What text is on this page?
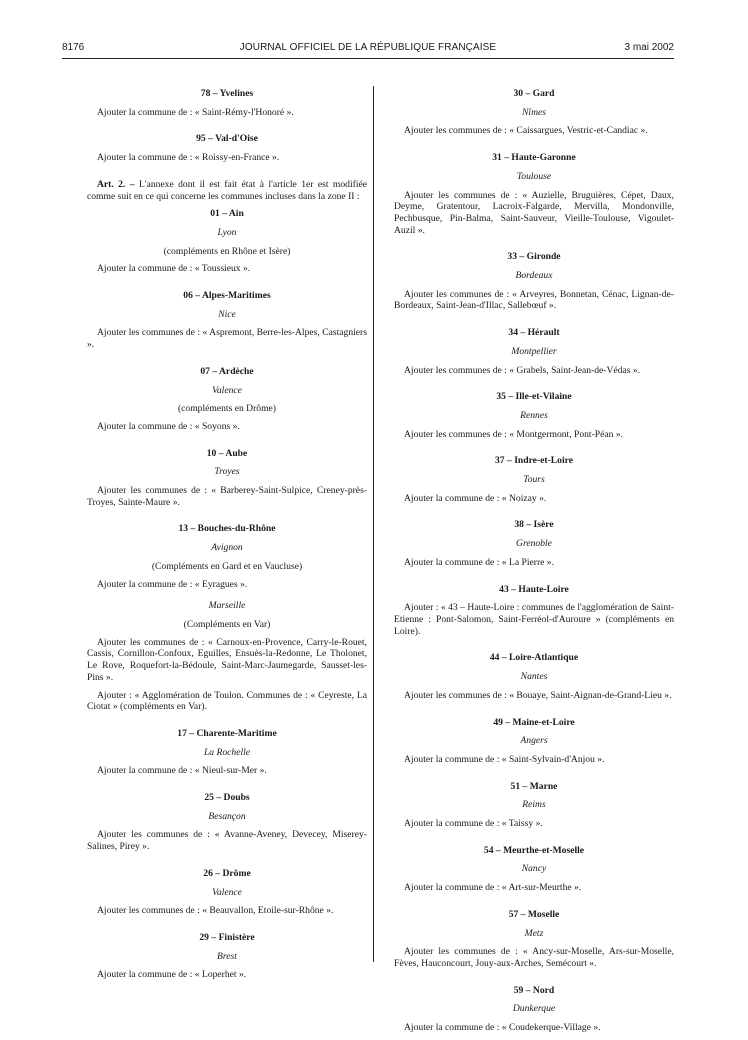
8176	JOURNAL OFFICIEL DE LA RÉPUBLIQUE FRANÇAISE	3 mai 2002

78 – Yvelines

Ajouter la commune de : « Saint-Rémy-l'Honoré ».

95 – Val-d'Oise

Ajouter la commune de : « Roissy-en-France ».

Art. 2. – L'annexe dont il est fait état à l'article 1er est modifiée comme suit en ce qui concerne les communes incluses dans la zone II :

01 – Ain

Lyon

(compléments en Rhône et Isère)

Ajouter la commune de : « Toussieux ».

06 – Alpes-Maritimes

Nice

Ajouter les communes de : « Aspremont, Berre-les-Alpes, Castagniers ».

07 – Ardèche

Valence

(compléments en Drôme)

Ajouter la commune de : « Soyons ».

10 – Aube

Troyes

Ajouter les communes de : « Barberey-Saint-Sulpice, Creney-près-Troyes, Sainte-Maure ».

13 – Bouches-du-Rhône

Avignon

(Compléments en Gard et en Vaucluse)

Ajouter la commune de : « Eyragues ».

Marseille

(Compléments en Var)

Ajouter les communes de : « Carnoux-en-Provence, Carry-le-Rouet, Cassis, Cornillon-Confoux, Eguilles, Ensuès-la-Redonne, Le Tholonet, Le Rove, Roquefort-la-Bédoule, Saint-Marc-Jaumegarde, Sausset-les-Pins ».

Ajouter : « Agglomération de Toulon. Communes de : « Ceyreste, La Ciotat » (compléments en Var).

17 – Charente-Maritime

La Rochelle

Ajouter la commune de : « Nieul-sur-Mer ».

25 – Doubs

Besançon

Ajouter les communes de : « Avanne-Aveney, Devecey, Miserey-Salines, Pirey ».

26 – Drôme

Valence

Ajouter les communes de : « Beauvallon, Etoile-sur-Rhône ».

29 – Finistère

Brest

Ajouter la commune de : « Loperhet ».

30 – Gard

Nîmes

Ajouter les communes de : « Caissargues, Vestric-et-Candiac ».

31 – Haute-Garonne

Toulouse

Ajouter les communes de : « Auzielle, Bruguières, Cépet, Daux, Deyme, Gratentour, Lacroix-Falgarde, Mervilla, Mondonville, Pechbusque, Pin-Balma, Saint-Sauveur, Vieille-Toulouse, Vigoulet-Auzil ».

33 – Gironde

Bordeaux

Ajouter les communes de : « Arveyres, Bonnetan, Cénac, Lignan-de-Bordeaux, Saint-Jean-d'Illac, Sallebœuf ».

34 – Hérault

Montpellier

Ajouter les communes de : « Grabels, Saint-Jean-de-Védas ».

35 – Ille-et-Vilaine

Rennes

Ajouter les communes de : « Montgermont, Pont-Péan ».

37 – Indre-et-Loire

Tours

Ajouter la commune de : « Noizay ».

38 – Isère

Grenoble

Ajouter la commune de : « La Pierre ».

43 – Haute-Loire

Ajouter : « 43 – Haute-Loire : communes de l'agglomération de Saint-Etienne : Pont-Salomon, Saint-Ferréol-d'Auroure » (compléments en Loire).

44 – Loire-Atlantique

Nantes

Ajouter les communes de : « Bouaye, Saint-Aignan-de-Grand-Lieu ».

49 – Maine-et-Loire

Angers

Ajouter la commune de : « Saint-Sylvain-d'Anjou ».

51 – Marne

Reims

Ajouter la commune de : « Taissy ».

54 – Meurthe-et-Moselle

Nancy

Ajouter la commune de : « Art-sur-Meurthe ».

57 – Moselle

Metz

Ajouter les communes de : « Ancy-sur-Moselle, Ars-sur-Moselle, Fèves, Hauconcourt, Jouy-aux-Arches, Semécourt ».

59 – Nord

Dunkerque

Ajouter la commune de : « Coudekerque-Village ».
